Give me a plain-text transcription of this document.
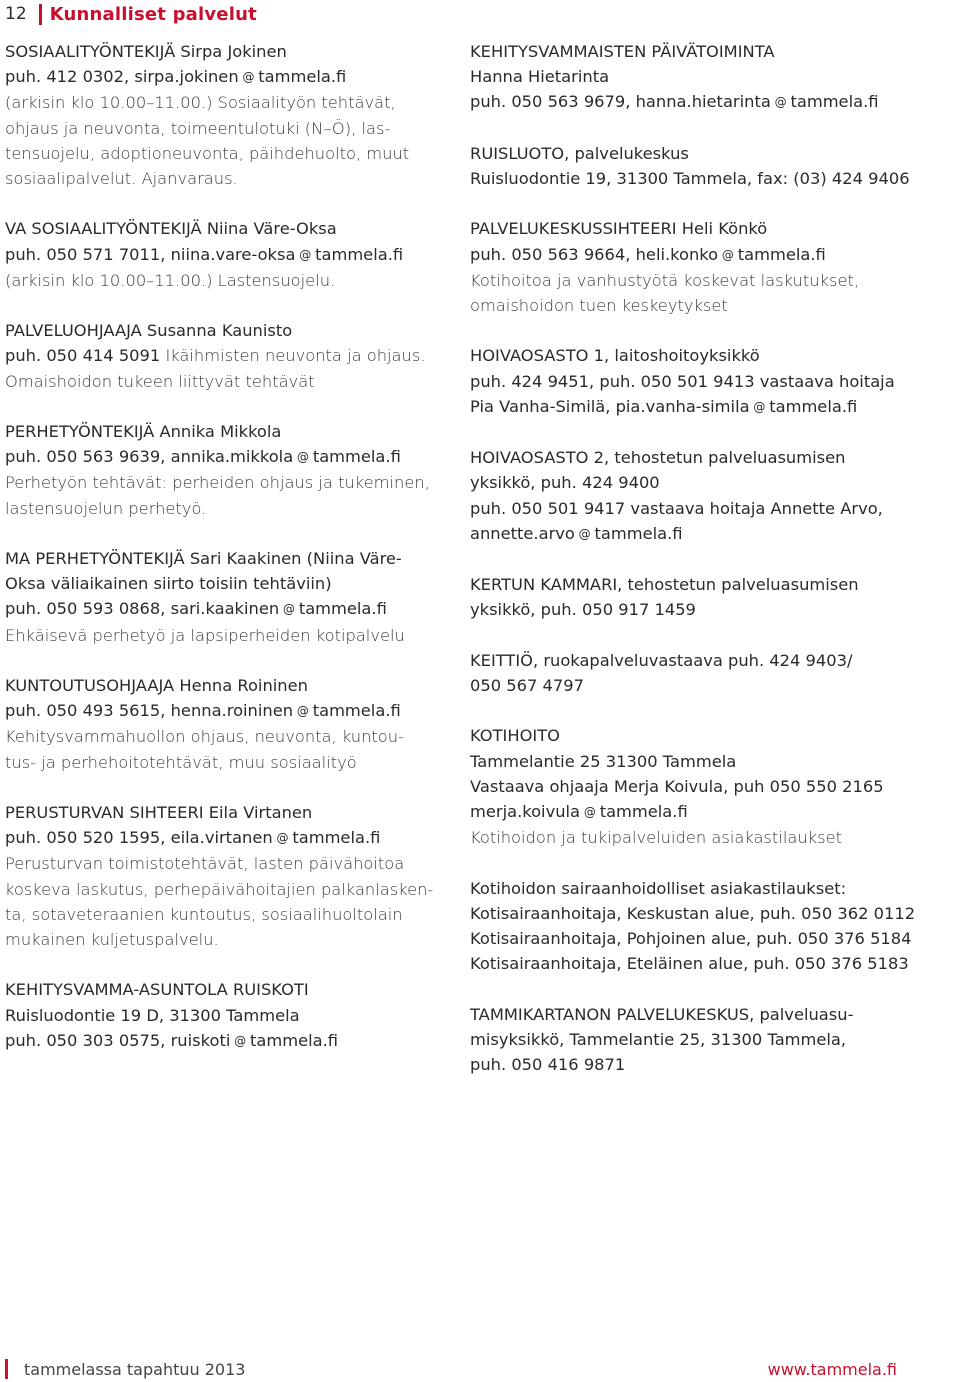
12 Kunnalliset palvelut
SOSIAALITYÖNTEKIJÄ Sirpa Jokinen
puh. 412 0302, sirpa.jokinen @ tammela.fi
(arkisin klo 10.00–11.00.) Sosiaalityön tehtävät,
ohjaus ja neuvonta, toimeentulotuki (N–Ö), las-
tensuojelu, adoptioneuvonta, päihdehuolto, muut
sosiaalipalvelut. Ajanvaraus.
VA SOSIAALITYÖNTEKIJÄ Niina Väre-Oksa
puh. 050 571 7011, niina.vare-oksa @ tammela.fi
(arkisin klo 10.00–11.00.) Lastensuojelu.
PALVELUOHJAAJA Susanna Kaunisto
puh. 050 414 5091 Ikäihmisten neuvonta ja ohjaus.
Omaishoidon tukeen liittyvät tehtävät
PERHETYÖNTEKIJÄ Annika Mikkola
puh. 050 563 9639, annika.mikkola @ tammela.fi
Perhetyön tehtävät: perheiden ohjaus ja tukeminen,
lastensuojelun perhetyö.
MA PERHETYÖNTEKIJÄ Sari Kaakinen (Niina Väre-
Oksa väliaikainen siirto toisiin tehtäviin)
puh. 050 593 0868, sari.kaakinen @ tammela.fi
Ehkäisevä perhetyö ja lapsiperheiden kotipalvelu
KUNTOUTUSOHJAAJA Henna Roininen
puh. 050 493 5615, henna.roininen @ tammela.fi
Kehitysvammahuollon ohjaus, neuvonta, kuntou-
tus- ja perhehoitotehtävät, muu sosiaalityö
PERUSTURVAN SIHTEERI Eila Virtanen
puh. 050 520 1595, eila.virtanen @ tammela.fi
Perusturvan toimistotehtävät, lasten päivähoitoa
koskeva laskutus, perhepäivähoitajien palkanlasken-
ta, sotaveteraanien kuntoutus, sosiaalihuoltolain
mukainen kuljetuspalvelu.
KEHITYSVAMMA-ASUNTOLA RUISKOTI
Ruisluodontie 19 D, 31300 Tammela
puh. 050 303 0575, ruiskoti @ tammela.fi
KEHITYSVAMMAISTEN PÄIVÄTOIMINTA
Hanna Hietarinta
puh. 050 563 9679, hanna.hietarinta @ tammela.fi
RUISLUOTO, palvelukeskus
Ruisluodontie 19, 31300 Tammela, fax: (03) 424 9406
PALVELUKESKUSSIHTEERI Heli Könkö
puh. 050 563 9664, heli.konko @ tammela.fi
Kotihoitoa ja vanhustyötä koskevat laskutukset,
omaishoidon tuen keskeytykset
HOIVAOSASTO 1, laitoshoitoyksikkö
puh. 424 9451, puh. 050 501 9413 vastaava hoitaja
Pia Vanha-Similä, pia.vanha-simila @ tammela.fi
HOIVAOSASTO 2, tehostetun palveluasumisen
yksikkö, puh. 424 9400
puh. 050 501 9417 vastaava hoitaja Annette Arvo,
annette.arvo @ tammela.fi
KERTUN KAMMARI, tehostetun palveluasumisen
yksikkö, puh. 050 917 1459
KEITTIÖ, ruokapalveluvastaava puh. 424 9403/
050 567 4797
KOTIHOITO
Tammelantie 25 31300 Tammela
Vastaava ohjaaja Merja Koivula, puh 050 550 2165
merja.koivula @ tammela.fi
Kotihoidon ja tukipalveluiden asiakastilaukset
Kotihoidon sairaanhoidolliset asiakastilaukset:
Kotisairaanhoitaja, Keskustan alue, puh. 050 362 0112
Kotisairaanhoitaja, Pohjoinen alue, puh. 050 376 5184
Kotisairaanhoitaja, Eteläinen alue, puh. 050 376 5183
TAMMIKARTANON PALVELUKESKUS, palveluasu-
misyksikkö, Tammelantie 25, 31300 Tammela,
puh. 050 416 9871
tammelassa tapahtuu 2013	www.tammela.fi
